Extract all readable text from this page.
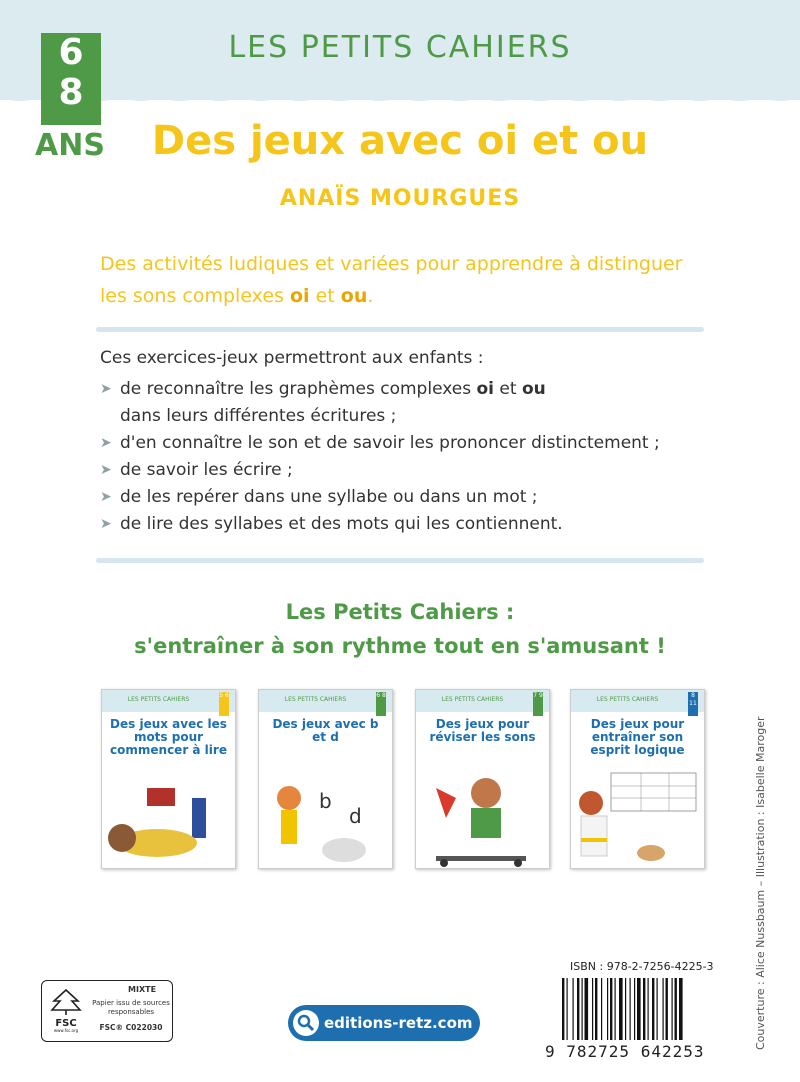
LES PETITS CAHIERS
6
8
ANS	Des jeux avec oi et ou
ANAÏS MOURGUES
Des activités ludiques et variées pour apprendre à distinguer
les sons complexes oi et ou.
Ces exercices-jeux permettront aux enfants :
➤ de reconnaître les graphèmes complexes oi et ou
dans leurs différentes écritures ;
➤ d'en connaître le son et de savoir les prononcer distinctement ;
➤ de savoir les écrire ;
➤ de les repérer dans une syllabe ou dans un mot ;
➤ de lire des syllabes et des mots qui les contiennent.
Les Petits Cahiers :
s'entraîner à son rythme tout en s'amusant !
LES PETITS CAHIERS
5 6
Des jeux avec les mots pour commencer à lire
LES PETITS CAHIERS
6 8
Des jeux avec b et d
b
d
LES PETITS CAHIERS
7 9
Des jeux pour réviser les sons
LES PETITS CAHIERS
8 11
Des jeux pour entraîner son esprit logique	Couverture : Alice Nussbaum – Illustration : Isabelle Maroger
FSC
www.fsc.org
MIXTE
Papier issu de sources responsables
FSC® C022030	editions-retz.com
ISBN : 978-2-7256-4225-3
9 782725 642253
